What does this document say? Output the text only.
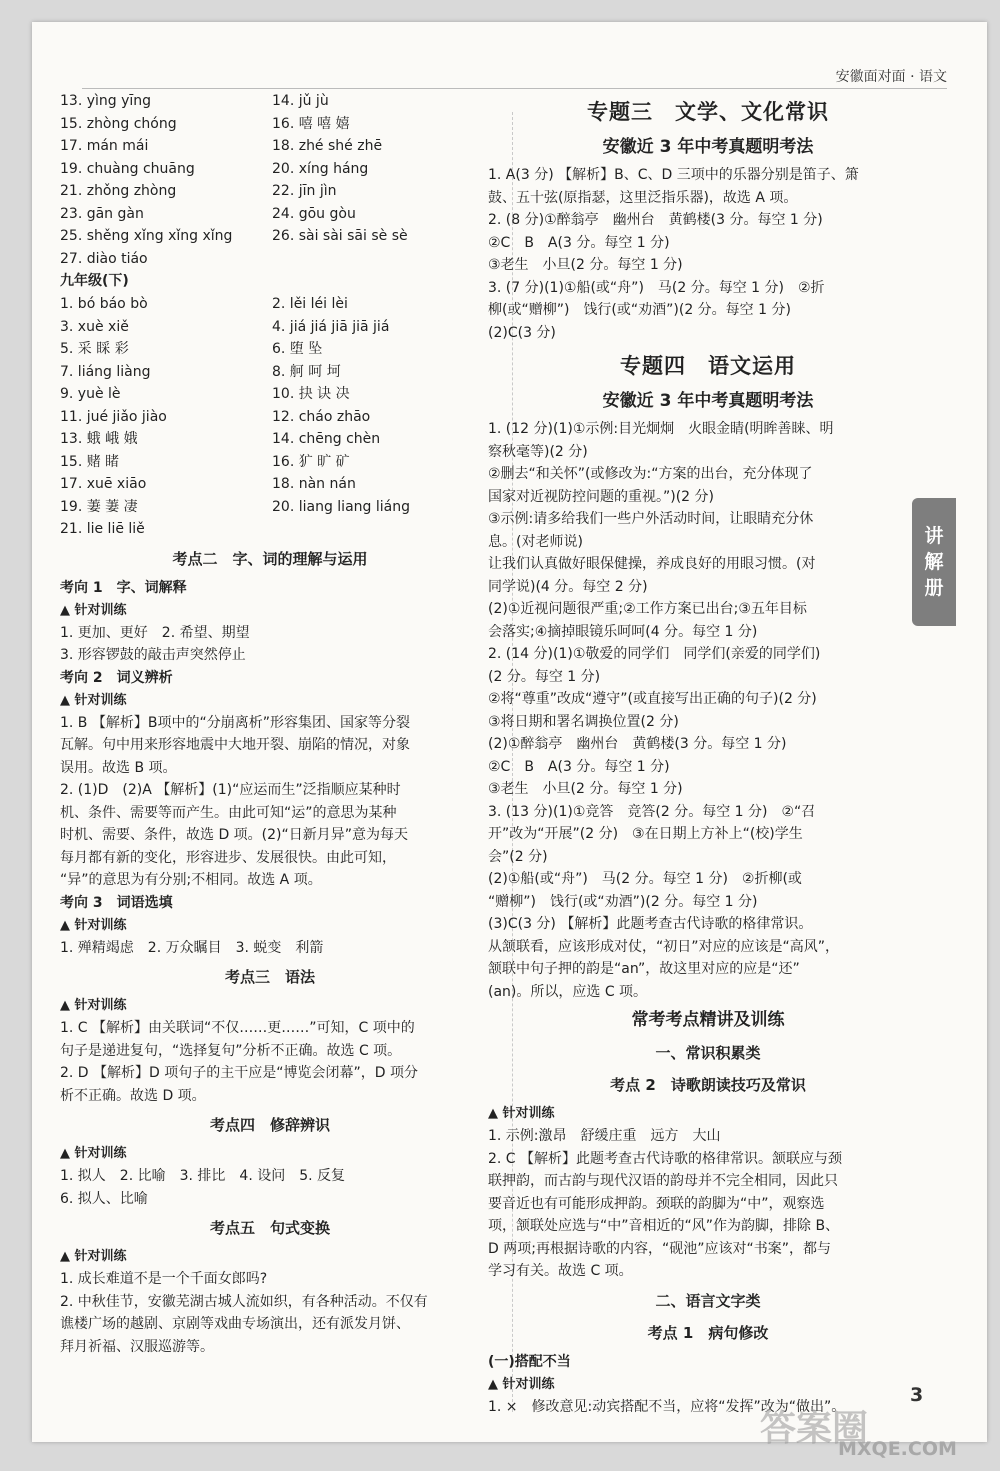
安徽面对面 · 语文
13. yìng yīng	14. jǔ jù
15. zhòng chóng	16. 嘻 嘻 嬉
17. mán mái	18. zhé shé zhē
19. chuàng chuāng	20. xíng háng
21. zhǒng zhòng	22. jīn jìn
23. gān gàn	24. gōu gòu
25. shěng xǐng xǐng xǐng	26. sài sài sāi sè sè
27. diào tiáo
九年级(下)
1. bó báo bò	2. lěi léi lèi
3. xuè xiě	4. jiá jiá jiā jiā jiá
5. 采 睬 彩	6. 堕 坠
7. liáng liàng	8. 舸 呵 坷
9. yuè lè	10. 抉 诀 决
11. jué jiǎo jiào	12. cháo zhāo
13. 蛾 峨 娥	14. chēng chèn
15. 赌 睹	16. 犷 旷 矿
17. xuē xiāo	18. nàn nán
19. 萋 萋 凄	20. liang liang liáng
21. lie liē liě
考点二　字、词的理解与运用
考向 1　字、词解释
▲ 针对训练
1. 更加、更好　2. 希望、期望
3. 形容锣鼓的敲击声突然停止
考向 2　词义辨析
▲ 针对训练
1. B 【解析】B项中的“分崩离析”形容集团、国家等分裂
瓦解。句中用来形容地震中大地开裂、崩陷的情况，对象
误用。故选 B 项。
2. (1)D　(2)A 【解析】(1)“应运而生”泛指顺应某种时
机、条件、需要等而产生。由此可知“运”的意思为某种
时机、需要、条件，故选 D 项。(2)“日新月异”意为每天
每月都有新的变化，形容进步、发展很快。由此可知，
“异”的意思为有分别;不相同。故选 A 项。
考向 3　词语选填
▲ 针对训练
1. 殚精竭虑　2. 万众瞩目　3. 蜕变　利箭
考点三　语法
▲ 针对训练
1. C 【解析】由关联词“不仅……更……”可知，C 项中的
句子是递进复句，“选择复句”分析不正确。故选 C 项。
2. D 【解析】D 项句子的主干应是“博览会闭幕”，D 项分
析不正确。故选 D 项。
考点四　修辞辨识
▲ 针对训练
1. 拟人　2. 比喻　3. 排比　4. 设问　5. 反复
6. 拟人、比喻
考点五　句式变换
▲ 针对训练
1. 成长难道不是一个千面女郎吗?
2. 中秋佳节，安徽芜湖古城人流如织，有各种活动。不仅有
谯楼广场的越剧、京剧等戏曲专场演出，还有派发月饼、
拜月祈福、汉服巡游等。
专题三　文学、文化常识
安徽近 3 年中考真题明考法
1. A(3 分) 【解析】B、C、D 三项中的乐器分别是笛子、箫
鼓、五十弦(原指瑟，这里泛指乐器)，故选 A 项。
2. (8 分)①醉翁亭　幽州台　黄鹤楼(3 分。每空 1 分)
②C　B　A(3 分。每空 1 分)
③老生　小旦(2 分。每空 1 分)
3. (7 分)(1)①船(或“舟”)　马(2 分。每空 1 分)　②折
柳(或“赠柳”)　饯行(或“劝酒”)(2 分。每空 1 分)
(2)C(3 分)
专题四　语文运用
安徽近 3 年中考真题明考法
1. (12 分)(1)①示例:目光炯炯　火眼金睛(明眸善睐、明
察秋毫等)(2 分)
②删去“和关怀”(或修改为:“方案的出台，充分体现了
国家对近视防控问题的重视。”)(2 分)
③示例:请多给我们一些户外活动时间，让眼睛充分休
息。(对老师说)
让我们认真做好眼保健操，养成良好的用眼习惯。(对
同学说)(4 分。每空 2 分)
(2)①近视问题很严重;②工作方案已出台;③五年目标
会落实;④摘掉眼镜乐呵呵(4 分。每空 1 分)
2. (14 分)(1)①敬爱的同学们　同学们(亲爱的同学们)
(2 分。每空 1 分)
②将“尊重”改成“遵守”(或直接写出正确的句子)(2 分)
③将日期和署名调换位置(2 分)
(2)①醉翁亭　幽州台　黄鹤楼(3 分。每空 1 分)
②C　B　A(3 分。每空 1 分)
③老生　小旦(2 分。每空 1 分)
3. (13 分)(1)①竞答　竞答(2 分。每空 1 分)　②“召
开”改为“开展”(2 分)　③在日期上方补上“(校)学生
会”(2 分)
(2)①船(或“舟”)　马(2 分。每空 1 分)　②折柳(或
“赠柳”)　饯行(或“劝酒”)(2 分。每空 1 分)
(3)C(3 分) 【解析】此题考查古代诗歌的格律常识。
从颔联看，应该形成对仗，“初日”对应的应该是“高风”，
颔联中句子押的韵是“an”，故这里对应的应是“还”
(an)。所以，应选 C 项。
常考考点精讲及训练
一、常识积累类
考点 2　诗歌朗读技巧及常识
▲ 针对训练
1. 示例:激昂　舒缓庄重　远方　大山
2. C 【解析】此题考查古代诗歌的格律常识。颔联应与颈
联押韵，而古韵与现代汉语的韵母并不完全相同，因此只
要音近也有可能形成押韵。颈联的韵脚为“中”，观察选
项，颔联处应选与“中”音相近的“风”作为韵脚，排除 B、
D 两项;再根据诗歌的内容，“砚池”应该对“书案”，都与
学习有关。故选 C 项。
二、语言文字类
考点 1　病句修改
(一)搭配不当
▲ 针对训练
1. ×　修改意见:动宾搭配不当，应将“发挥”改为“做出”。
讲
解
册
3
答案圈
MXQE.COM
